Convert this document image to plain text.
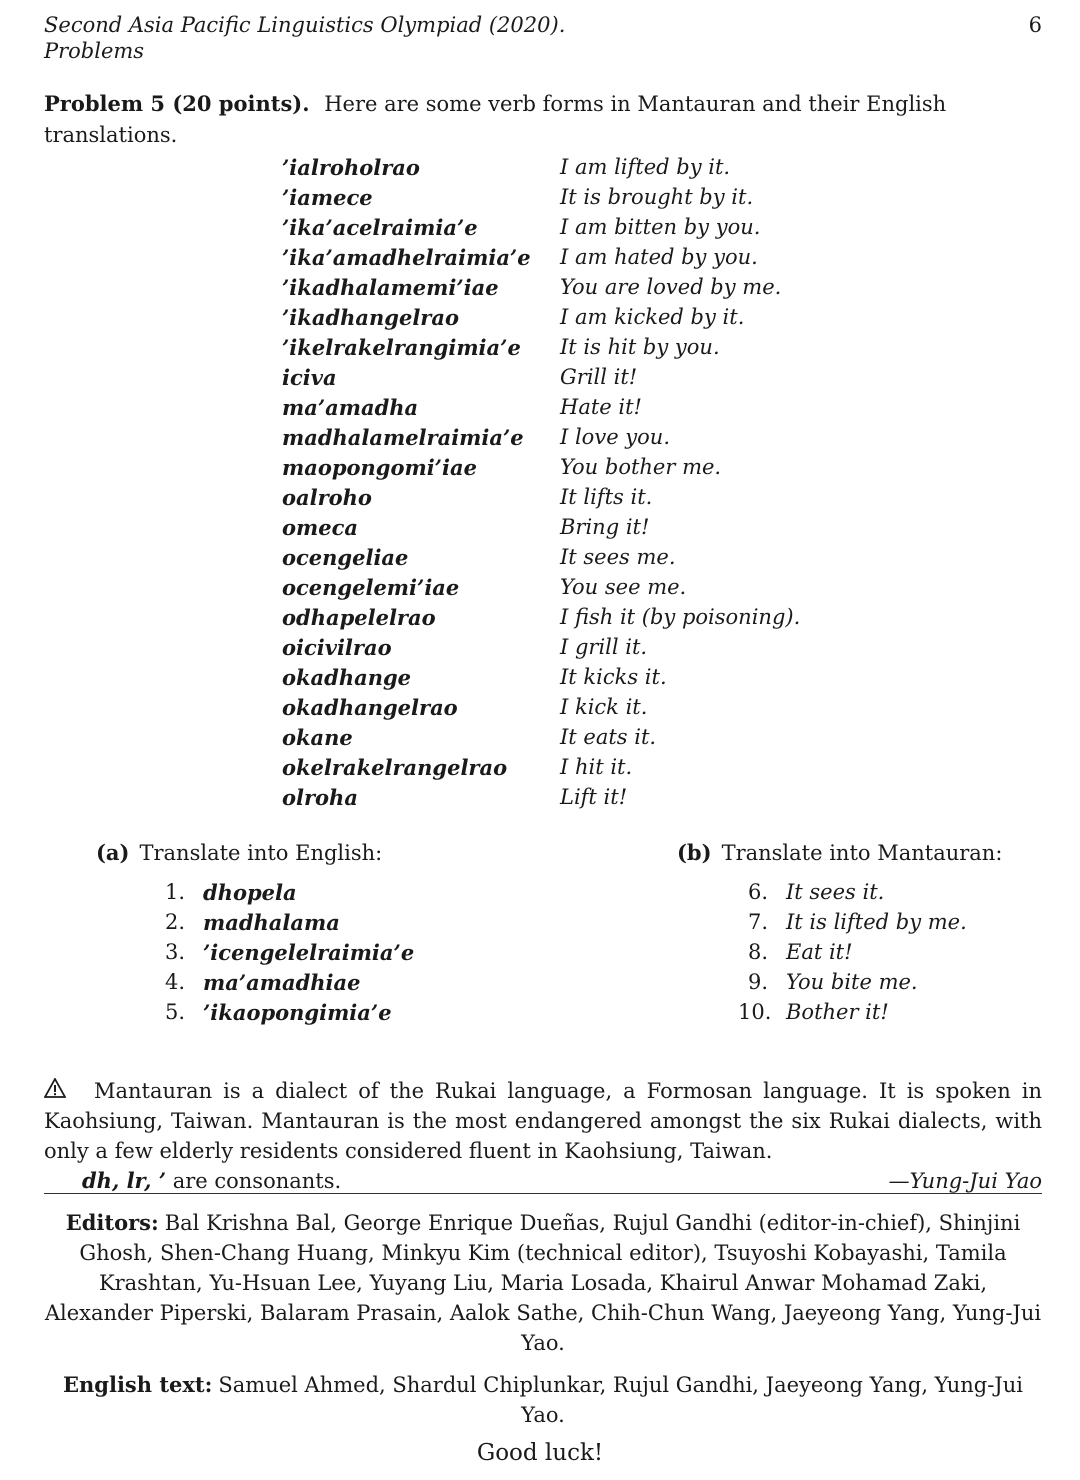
Second Asia Pacific Linguistics Olympiad (2020).
Problems
6
Problem 5 (20 points). Here are some verb forms in Mantauran and their English translations.
’ialroholrao	I am lifted by it.
’iamece	It is brought by it.
’ika’acelraimia’e	I am bitten by you.
’ika’amadhelraimia’e	I am hated by you.
’ikadhalamemi’iae	You are loved by me.
’ikadhangelrao	I am kicked by it.
’ikelrakelrangimia’e	It is hit by you.
iciva	Grill it!
ma’amadha	Hate it!
madhalamelraimia’e	I love you.
maopongomi’iae	You bother me.
oalroho	It lifts it.
omeca	Bring it!
ocengeliae	It sees me.
ocengelemi’iae	You see me.
odhapelelrao	I fish it (by poisoning).
oicivilrao	I grill it.
okadhange	It kicks it.
okadhangelrao	I kick it.
okane	It eats it.
okelrakelrangelrao	I hit it.
olroha	Lift it!
(a) Translate into English:
1. dhopela
2. madhalama
3. ’icengelelraimia’e
4. ma’amadhiae
5. ’ikaopongimia’e
(b) Translate into Mantauran:
6. It sees it.
7. It is lifted by me.
8. Eat it!
9. You bite me.
10. Bother it!
Mantauran is a dialect of the Rukai language, a Formosan language. It is spoken in Kaohsiung, Taiwan. Mantauran is the most endangered amongst the six Rukai dialects, with only a few elderly residents considered fluent in Kaohsiung, Taiwan.
dh, lr, ’ are consonants.	—Yung-Jui Yao
Editors: Bal Krishna Bal, George Enrique Dueñas, Rujul Gandhi (editor-in-chief), Shinjini Ghosh, Shen-Chang Huang, Minkyu Kim (technical editor), Tsuyoshi Kobayashi, Tamila Krashtan, Yu-Hsuan Lee, Yuyang Liu, Maria Losada, Khairul Anwar Mohamad Zaki, Alexander Piperski, Balaram Prasain, Aalok Sathe, Chih-Chun Wang, Jaeyeong Yang, Yung-Jui Yao.
English text: Samuel Ahmed, Shardul Chiplunkar, Rujul Gandhi, Jaeyeong Yang, Yung-Jui Yao.
Good luck!
